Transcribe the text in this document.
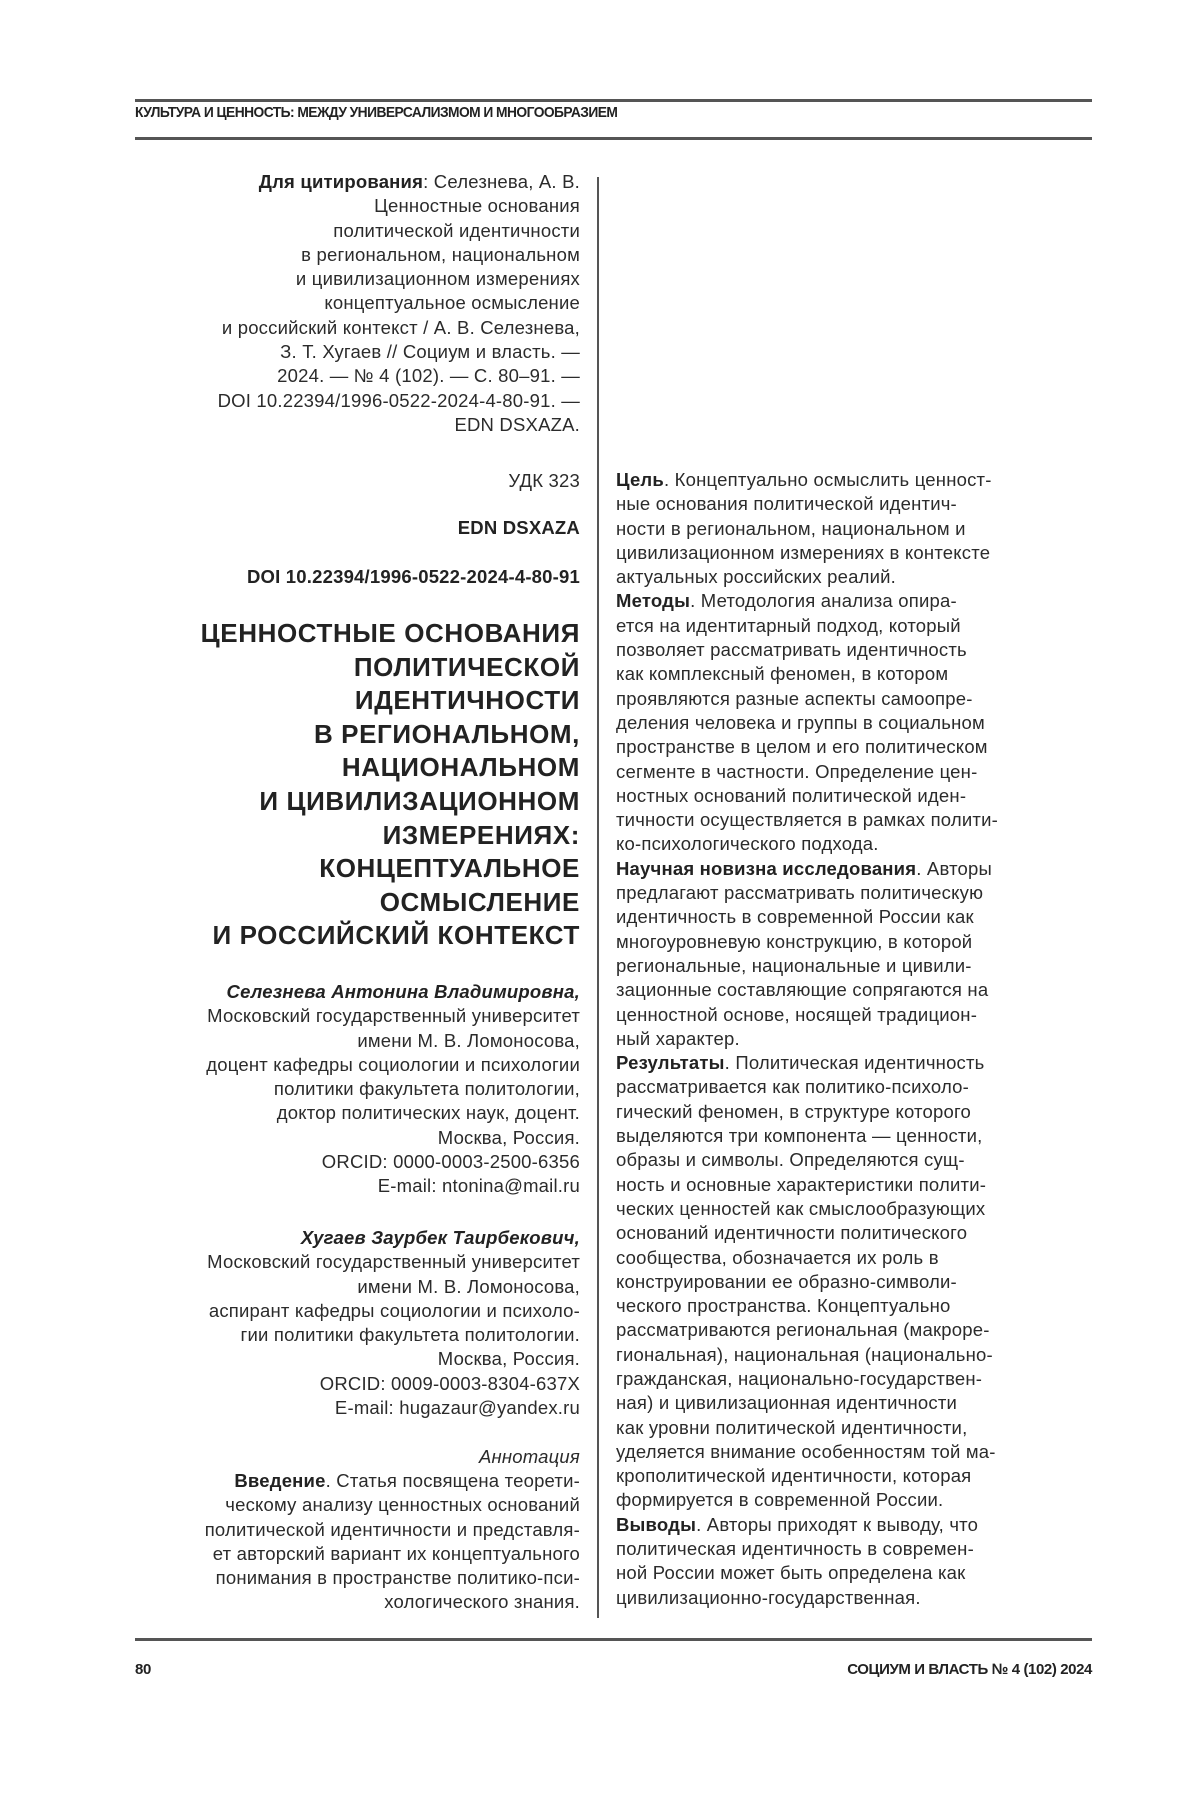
КУЛЬТУРА И ЦЕННОСТЬ: МЕЖДУ УНИВЕРСАЛИЗМОМ И МНОГООБРАЗИЕМ
Для цитирования: Селезнева, А. В.
Ценностные основания
политической идентичности
в региональном, национальном
и цивилизационном измерениях
концептуальное осмысление
и российский контекст / А. В. Селезнева,
З. Т. Хугаев // Социум и власть. —
2024. — № 4 (102). — С. 80–91. —
DOI 10.22394/1996-0522-2024-4-80-91. —
EDN DSXAZA.
УДК 323
EDN DSXAZA
DOI 10.22394/1996-0522-2024-4-80-91
ЦЕННОСТНЫЕ ОСНОВАНИЯ
ПОЛИТИЧЕСКОЙ
ИДЕНТИЧНОСТИ
В РЕГИОНАЛЬНОМ,
НАЦИОНАЛЬНОМ
И ЦИВИЛИЗАЦИОННОМ
ИЗМЕРЕНИЯХ:
КОНЦЕПТУАЛЬНОЕ
ОСМЫСЛЕНИЕ
И РОССИЙСКИЙ КОНТЕКСТ
Селезнева Антонина Владимировна,
Московский государственный университет
имени М. В. Ломоносова,
доцент кафедры социологии и психологии
политики факультета политологии,
доктор политических наук, доцент.
Москва, Россия.
ORCID: 0000-0003-2500-6356
E-mail: ntonina@mail.ru
Хугаев Заурбек Таирбекович,
Московский государственный университет
имени М. В. Ломоносова,
аспирант кафедры социологии и психоло-
гии политики факультета политологии.
Москва, Россия.
ORCID: 0009-0003-8304-637X
E-mail: hugazaur@yandex.ru
Аннотация
Введение. Статья посвящена теорети-
ческому анализу ценностных оснований
политической идентичности и представля-
ет авторский вариант их концептуального
понимания в пространстве политико-пси-
хологического знания.
Цель. Концептуально осмыслить ценност-
ные основания политической идентич-
ности в региональном, национальном и
цивилизационном измерениях в контексте
актуальных российских реалий.
Методы. Методология анализа опира-
ется на идентитарный подход, который
позволяет рассматривать идентичность
как комплексный феномен, в котором
проявляются разные аспекты самоопре-
деления человека и группы в социальном
пространстве в целом и его политическом
сегменте в частности. Определение цен-
ностных оснований политической иден-
тичности осуществляется в рамках полити-
ко-психологического подхода.
Научная новизна исследования. Авторы
предлагают рассматривать политическую
идентичность в современной России как
многоуровневую конструкцию, в которой
региональные, национальные и цивили-
зационные составляющие сопрягаются на
ценностной основе, носящей традицион-
ный характер.
Результаты. Политическая идентичность
рассматривается как политико-психоло-
гический феномен, в структуре которого
выделяются три компонента — ценности,
образы и символы. Определяются сущ-
ность и основные характеристики полити-
ческих ценностей как смыслообразующих
оснований идентичности политического
сообщества, обозначается их роль в
конструировании ее образно-символи-
ческого пространства. Концептуально
рассматриваются региональная (макроре-
гиональная), национальная (национально-
гражданская, национально-государствен-
ная) и цивилизационная идентичности
как уровни политической идентичности,
уделяется внимание особенностям той ма-
крополитической идентичности, которая
формируется в современной России.
Выводы. Авторы приходят к выводу, что
политическая идентичность в современ-
ной России может быть определена как
цивилизационно-государственная.
80	СОЦИУМ И ВЛАСТЬ № 4 (102) 2024
